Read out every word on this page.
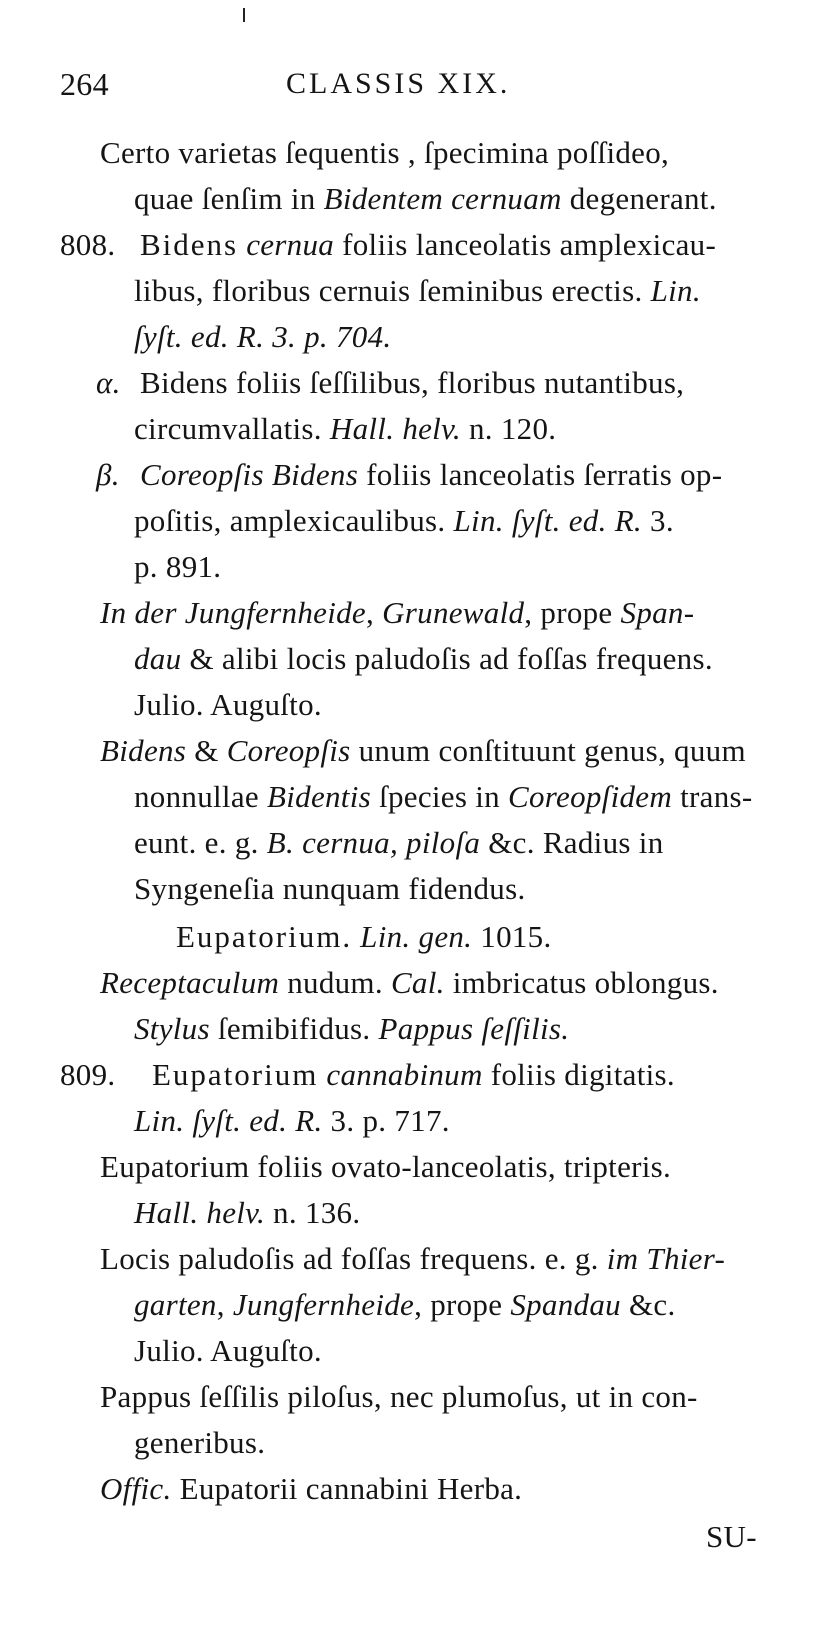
264	CLASSIS XIX.
Certo varietas ſequentis , ſpecimina poſſideo,
quae ſenſim in Bidentem cernuam degenerant.
808. Bidens cernua foliis lanceolatis amplexicau-
libus, floribus cernuis ſeminibus erectis. Lin.
ſyſt. ed. R. 3. p. 704.
α. Bidens foliis ſeſſilibus, floribus nutantibus,
circumvallatis. Hall. helv. n. 120.
β. Coreopſis Bidens foliis lanceolatis ſerratis op-
poſitis, amplexicaulibus. Lin. ſyſt. ed. R. 3.
p. 891.
In der Jungfernheide, Grunewald, prope Span-
dau & alibi locis paludoſis ad foſſas frequens.
Julio. Auguſto.
Bidens & Coreopſis unum conſtituunt genus, quum
nonnullae Bidentis ſpecies in Coreopſidem trans-
eunt. e. g. B. cernua, piloſa &c. Radius in
Syngeneſia nunquam fidendus.
Eupatorium. Lin. gen. 1015.
Receptaculum nudum. Cal. imbricatus oblongus.
Stylus ſemibifidus. Pappus ſeſſilis.
809. Eupatorium cannabinum foliis digitatis.
Lin. ſyſt. ed. R. 3. p. 717.
Eupatorium foliis ovato-lanceolatis, tripteris.
Hall. helv. n. 136.
Locis paludoſis ad foſſas frequens. e. g. im Thier-
garten, Jungfernheide, prope Spandau &c.
Julio. Auguſto.
Pappus ſeſſilis piloſus, nec plumoſus, ut in con-
generibus.
Offic. Eupatorii cannabini Herba.
SU-
